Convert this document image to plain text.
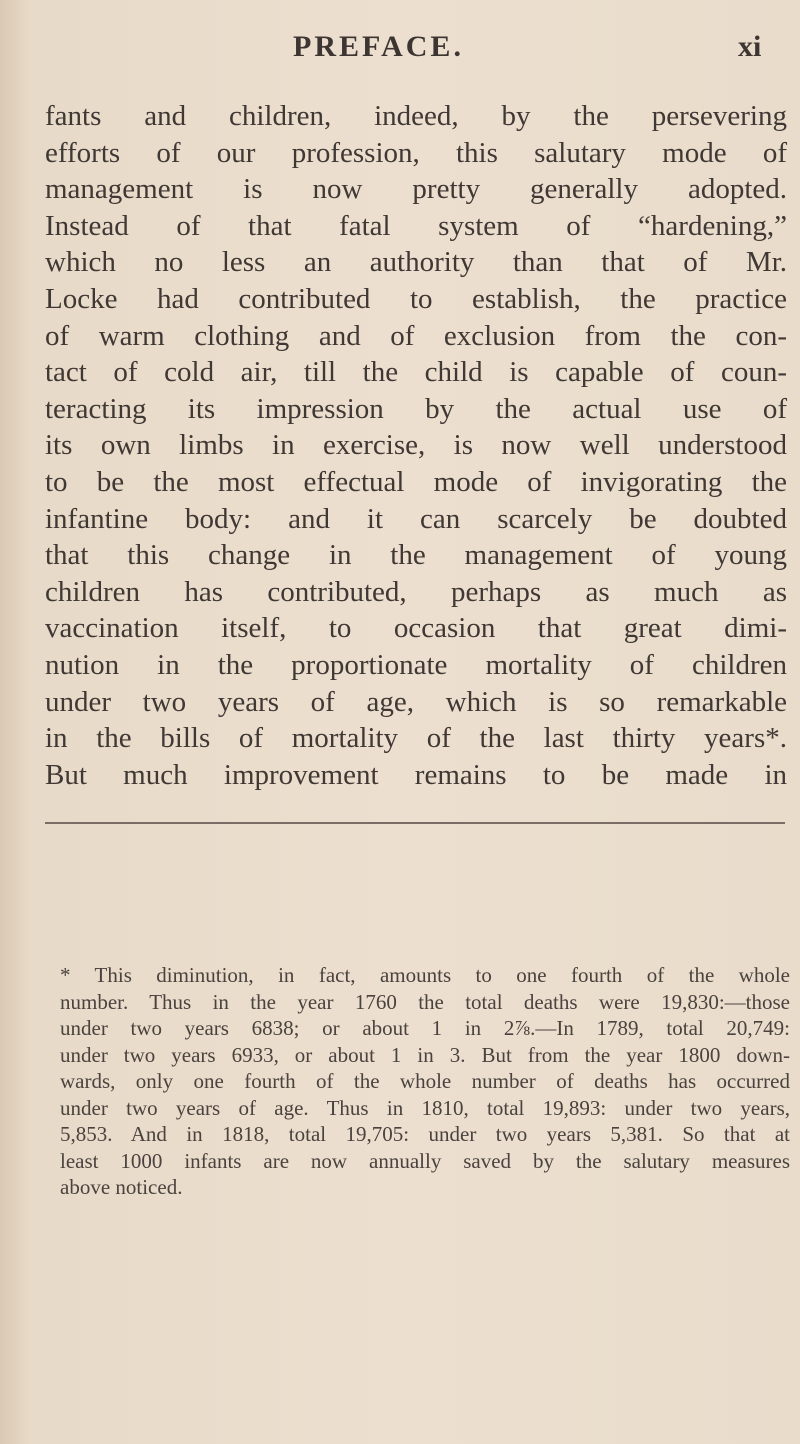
PREFACE.	xi
fants and children, indeed, by the persevering
efforts of our profession, this salutary mode of
management is now pretty generally adopted.
Instead of that fatal system of “hardening,”
which no less an authority than that of Mr.
Locke had contributed to establish, the practice
of warm clothing and of exclusion from the con-
tact of cold air, till the child is capable of coun-
teracting its impression by the actual use of
its own limbs in exercise, is now well understood
to be the most effectual mode of invigorating the
infantine body: and it can scarcely be doubted
that this change in the management of young
children has contributed, perhaps as much as
vaccination itself, to occasion that great dimi-
nution in the proportionate mortality of children
under two years of age, which is so remarkable
in the bills of mortality of the last thirty years*.
But much improvement remains to be made in
* This diminution, in fact, amounts to one fourth of the whole
number. Thus in the year 1760 the total deaths were 19,830:—those
under two years 6838; or about 1 in 2⅞.—In 1789, total 20,749:
under two years 6933, or about 1 in 3. But from the year 1800 down-
wards, only one fourth of the whole number of deaths has occurred
under two years of age. Thus in 1810, total 19,893: under two years,
5,853. And in 1818, total 19,705: under two years 5,381. So that at
least 1000 infants are now annually saved by the salutary measures
above noticed.
